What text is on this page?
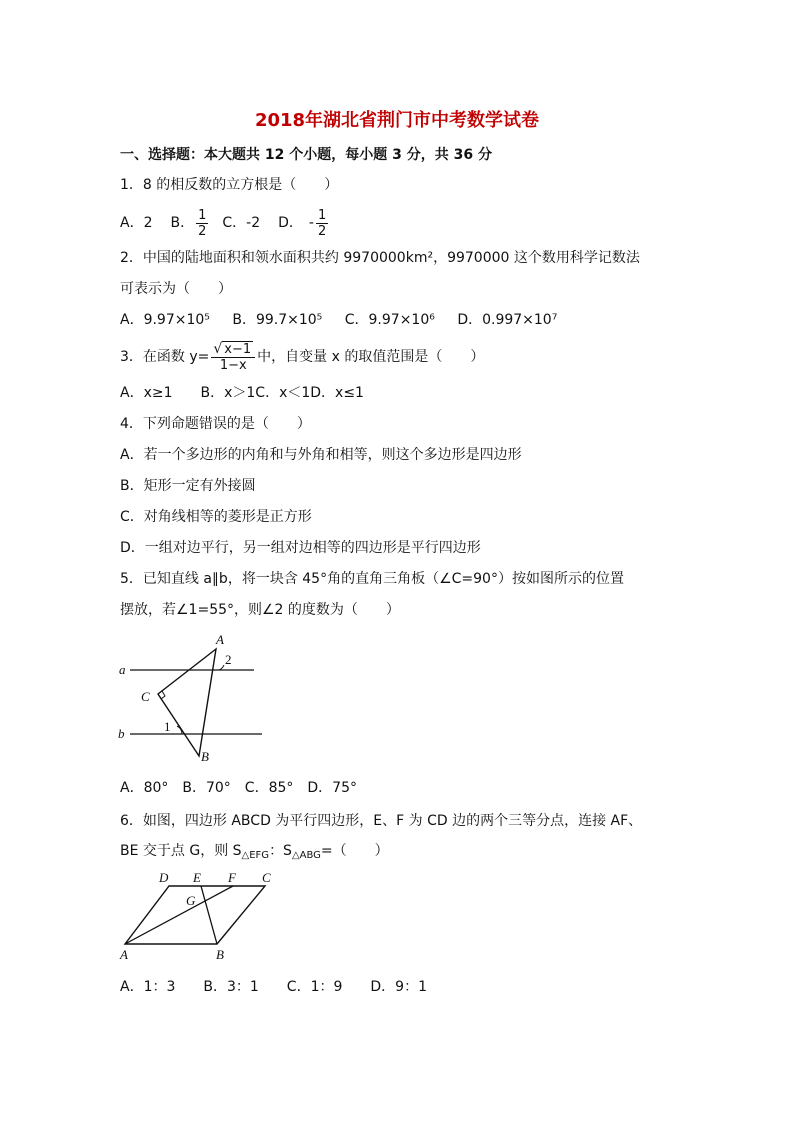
2018年湖北省荆门市中考数学试卷
一、选择题：本大题共 12 个小题，每小题 3 分，共 36 分
1．8 的相反数的立方根是（　　）
A．2 B． $\frac{1}{2}$ C．-2 D． - $\frac{1}{2}$
2．中国的陆地面积和领水面积共约 9970000km²，9970000 这个数用科学记数法
可表示为（　　）
A．9.97×10⁵ B．99.7×10⁵ C．9.97×10⁶ D．0.997×10⁷
3．在函数 $y= \frac{√ x-1}{1-x}$ 中，自变量 x 的取值范围是（　　）
A．x≥1　　B．x＞1C．x＜1D．x≤1
4．下列命题错误的是（　　）
A．若一个多边形的内角和与外角和相等，则这个多边形是四边形
B．矩形一定有外接圆
C．对角线相等的菱形是正方形
D．一组对边平行，另一组对边相等的四边形是平行四边形
5．已知直线 a∥b，将一块含 45°角的直角三角板（∠C=90°）按如图所示的位置
摆放，若∠1=55°，则∠2 的度数为（　　）
A
B
C
a
b	1
2
A．80°　B．70°　C．85°　D．75°
6．如图，四边形 ABCD 为平行四边形，E、F 为 CD 边的两个三等分点，连接 AF、
BE 交于点 G，则 $S_{\triangle EFG}$：$S_{\triangle ABG}=$（　　）
A	B
C
D E F
G
A．1：3　　B．3：1　　C．1：9　　D．9：1
